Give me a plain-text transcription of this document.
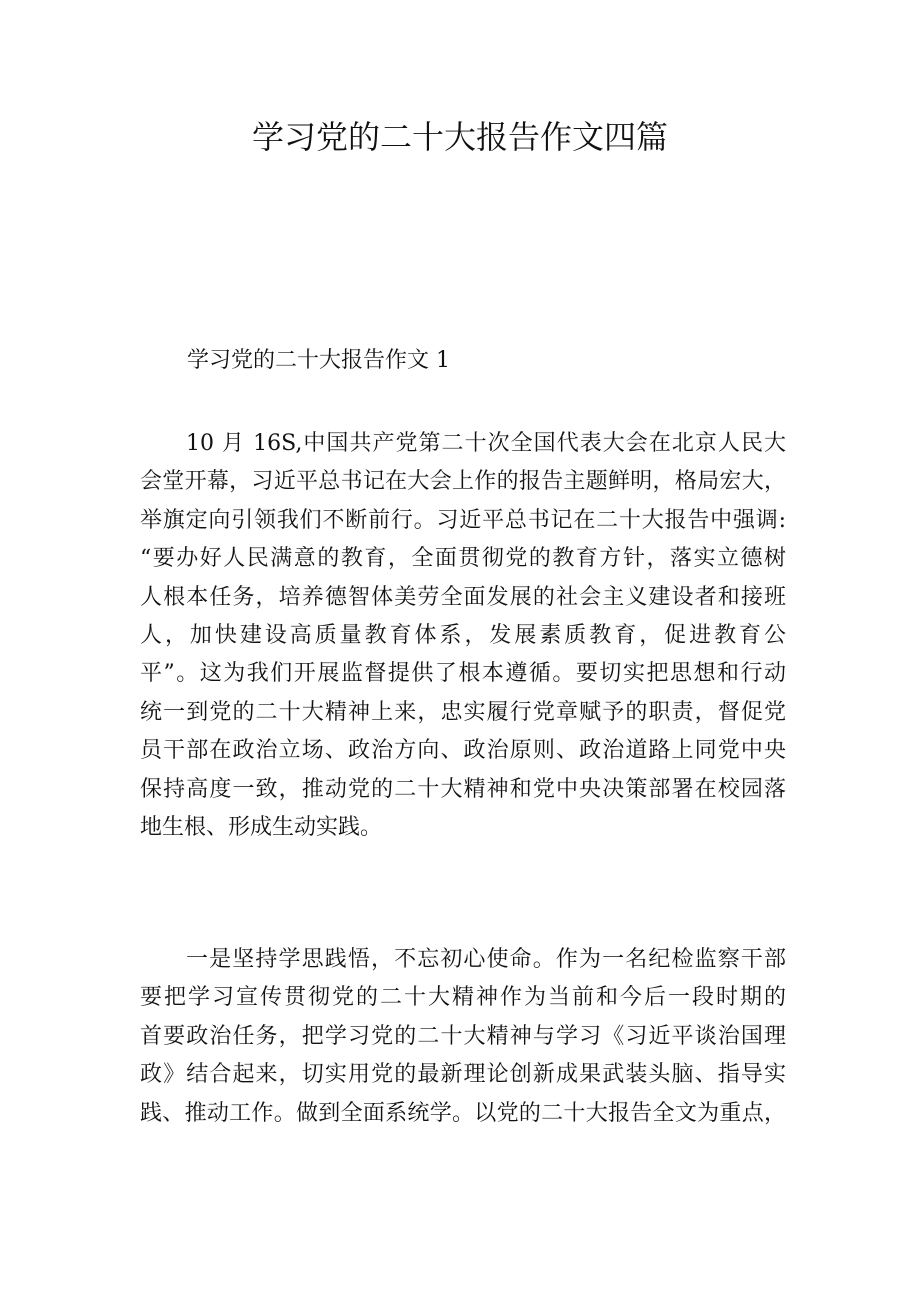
学习党的二十大报告作文四篇
学习党的二十大报告作文 1
10 月 16S,中国共产党第二十次全国代表大会在北京人民大
会堂开幕，习近平总书记在大会上作的报告主题鲜明，格局宏大，
举旗定向引领我们不断前行。习近平总书记在二十大报告中强调:
“要办好人民满意的教育，全面贯彻党的教育方针，落实立德树
人根本任务，培养德智体美劳全面发展的社会主义建设者和接班
人，加快建设高质量教育体系，发展素质教育，促进教育公
平”。这为我们开展监督提供了根本遵循。要切实把思想和行动
统一到党的二十大精神上来，忠实履行党章赋予的职责，督促党
员干部在政治立场、政治方向、政治原则、政治道路上同党中央
保持高度一致，推动党的二十大精神和党中央决策部署在校园落
地生根、形成生动实践。
一是坚持学思践悟，不忘初心使命。作为一名纪检监察干部
要把学习宣传贯彻党的二十大精神作为当前和今后一段时期的
首要政治任务，把学习党的二十大精神与学习《习近平谈治国理
政》结合起来，切实用党的最新理论创新成果武装头脑、指导实
践、推动工作。做到全面系统学。以党的二十大报告全文为重点，
